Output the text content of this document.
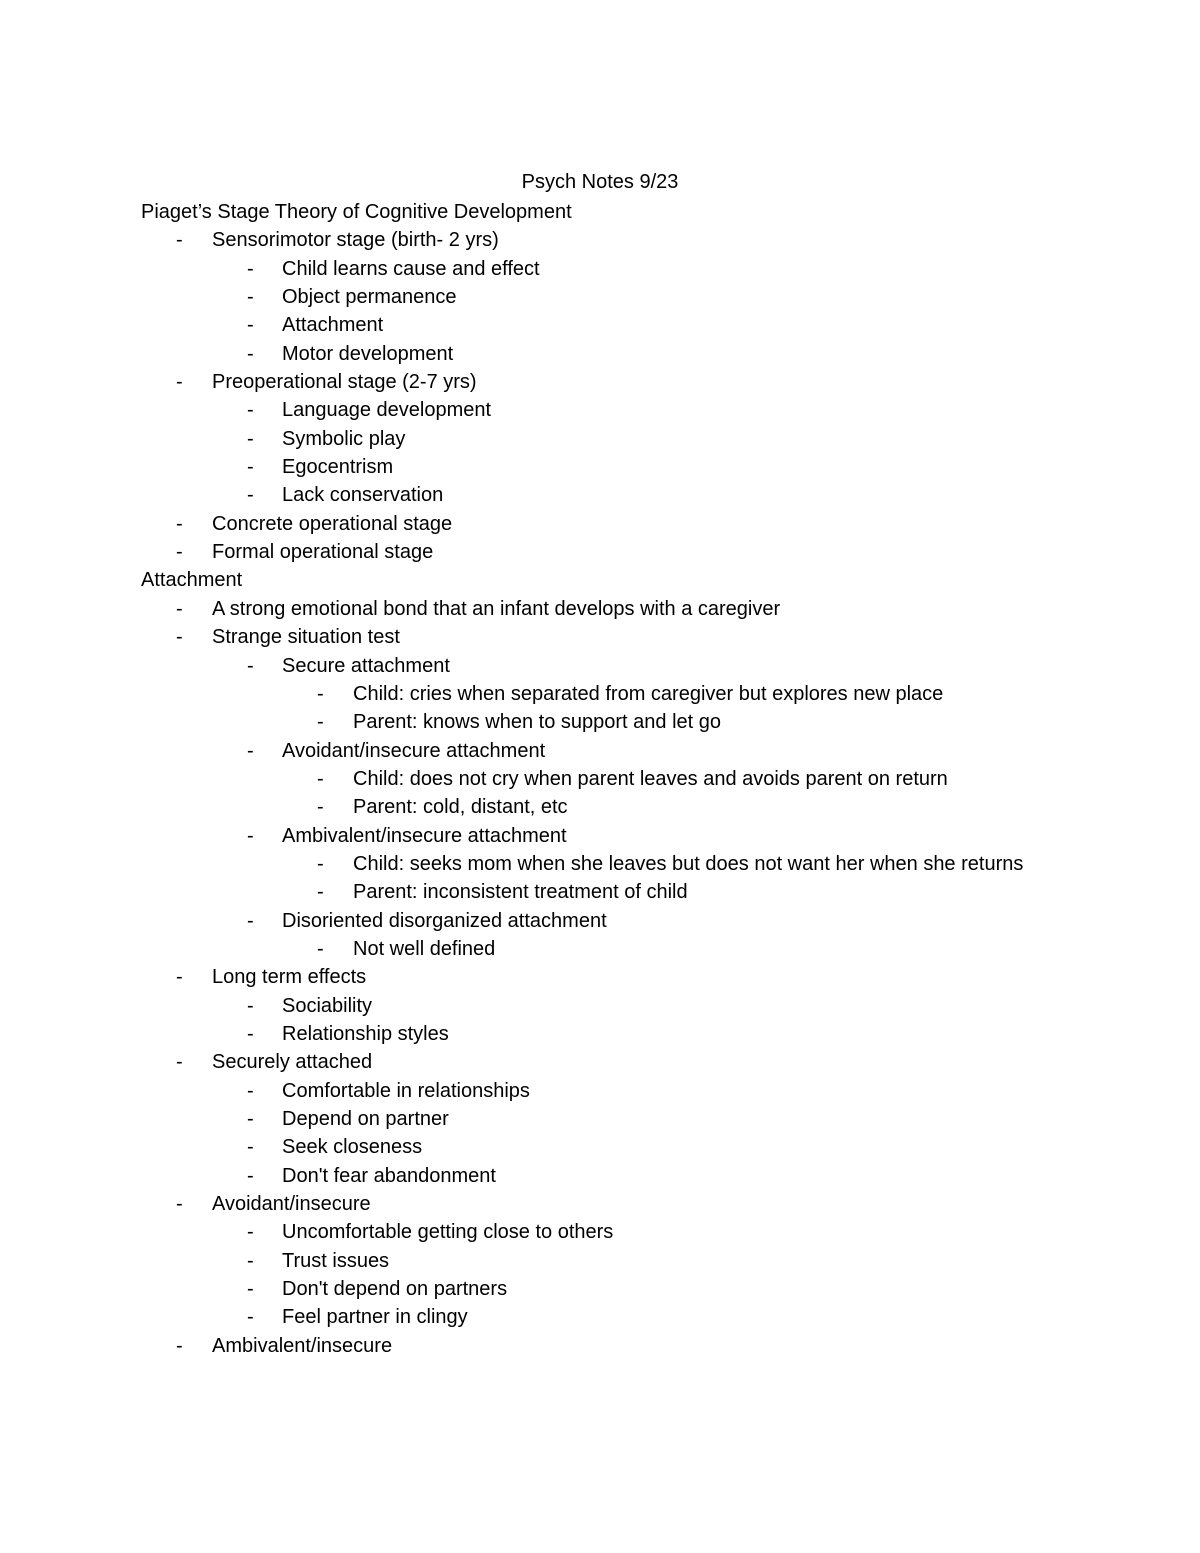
Psych Notes 9/23
Piaget’s Stage Theory of Cognitive Development
-	Sensorimotor stage (birth- 2 yrs)
-	Child learns cause and effect
-	Object permanence
-	Attachment
-	Motor development
-	Preoperational stage (2-7 yrs)
-	Language development
-	Symbolic play
-	Egocentrism
-	Lack conservation
-	Concrete operational stage
-	Formal operational stage
Attachment
-	A strong emotional bond that an infant develops with a caregiver
-	Strange situation test
-	Secure attachment
-	Child: cries when separated from caregiver but explores new place
-	Parent: knows when to support and let go
-	Avoidant/insecure attachment
-	Child: does not cry when parent leaves and avoids parent on return
-	Parent: cold, distant, etc
-	Ambivalent/insecure attachment
-	Child: seeks mom when she leaves but does not want her when she returns
-	Parent: inconsistent treatment of child
-	Disoriented disorganized attachment
-	Not well defined
-	Long term effects
-	Sociability
-	Relationship styles
-	Securely attached
-	Comfortable in relationships
-	Depend on partner
-	Seek closeness
-	Don't fear abandonment
-	Avoidant/insecure
-	Uncomfortable getting close to others
-	Trust issues
-	Don't depend on partners
-	Feel partner in clingy
-	Ambivalent/insecure
